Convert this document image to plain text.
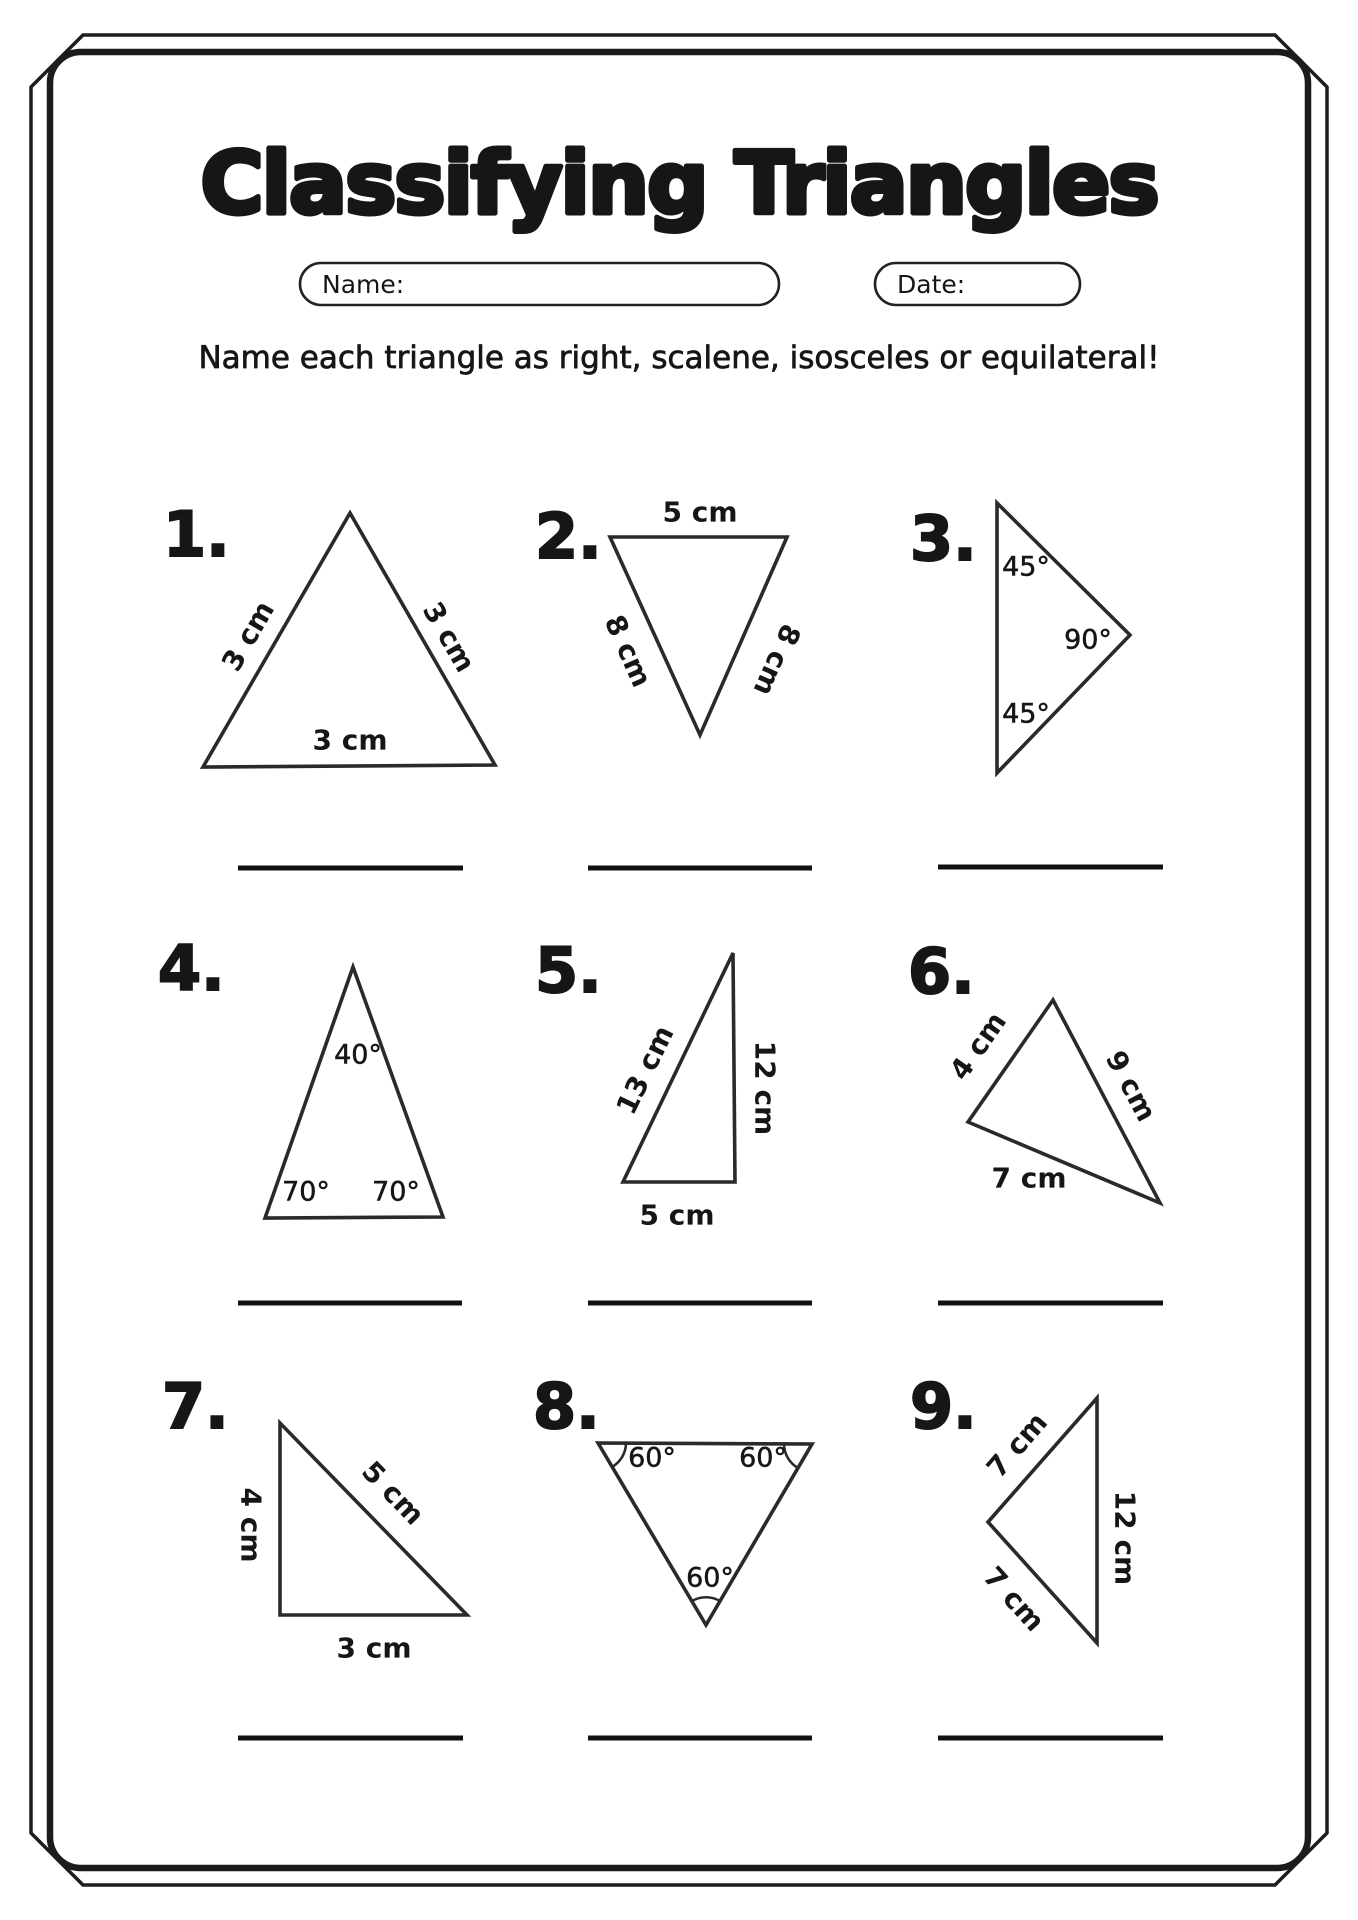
Classifying Triangles
Name:	Date:
Name each triangle as right, scalene, isosceles or equilateral!
1.
3 cm	3 cm
3 cm
2. 5 cm
8 cm	8 cm
3. 45°
90°
45°
4.
40°
70° 70°
5.
13 cm 12 cm
5 cm
6.
4 cm	9 cm
7 cm
7.
4 cm	5 cm
3 cm
8.
60° 60°
60°
9. 7 cm
7 cm
12 cm
